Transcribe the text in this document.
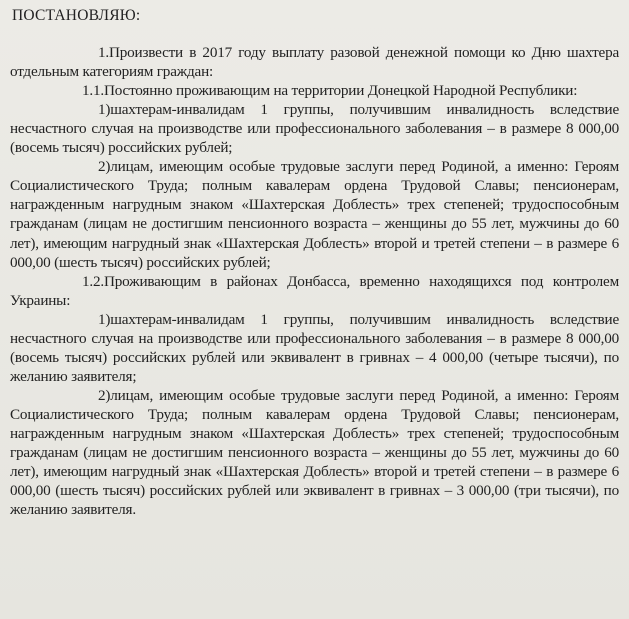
ПОСТАНОВЛЯЮ:

1.Произвести в 2017 году выплату разовой денежной помощи ко Дню шахтера отдельным категориям граждан:

1.1.Постоянно проживающим на территории Донецкой Народной Республики:

1)шахтерам-инвалидам 1 группы, получившим инвалидность вследствие несчастного случая на производстве или профессионального заболевания – в размере 8 000,00 (восемь тысяч) российских рублей;

2)лицам, имеющим особые трудовые заслуги перед Родиной, а именно: Героям Социалистического Труда; полным кавалерам ордена Трудовой Славы; пенсионерам, награжденным нагрудным знаком «Шахтерская Доблесть» трех степеней; трудоспособным гражданам (лицам не достигшим пенсионного возраста – женщины до 55 лет, мужчины до 60 лет), имеющим нагрудный знак «Шахтерская Доблесть» второй и третей степени – в размере 6 000,00 (шесть тысяч) российских рублей;

1.2.Проживающим в районах Донбасса, временно находящихся под контролем Украины:

1)шахтерам-инвалидам 1 группы, получившим инвалидность вследствие несчастного случая на производстве или профессионального заболевания – в размере 8 000,00 (восемь тысяч) российских рублей или эквивалент в гривнах – 4 000,00 (четыре тысячи), по желанию заявителя;

2)лицам, имеющим особые трудовые заслуги перед Родиной, а именно: Героям Социалистического Труда; полным кавалерам ордена Трудовой Славы; пенсионерам, награжденным нагрудным знаком «Шахтерская Доблесть» трех степеней; трудоспособным гражданам (лицам не достигшим пенсионного возраста – женщины до 55 лет, мужчины до 60 лет), имеющим нагрудный знак «Шахтерская Доблесть» второй и третей степени – в размере 6 000,00 (шесть тысяч) российских рублей или эквивалент в гривнах – 3 000,00 (три тысячи), по желанию заявителя.
